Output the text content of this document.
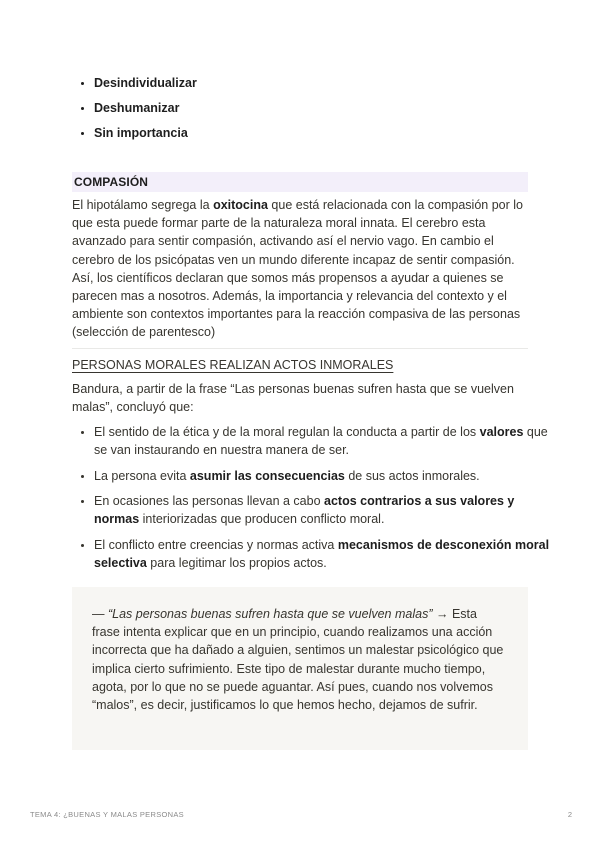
• Desindividualizar
• Deshumanizar
• Sin importancia
COMPASIÓN

El hipotálamo segrega la oxitocina que está relacionada con la compasión por lo que esta puede formar parte de la naturaleza moral innata. El cerebro esta avanzado para sentir compasión, activando así el nervio vago. En cambio el cerebro de los psicópatas ven un mundo diferente incapaz de sentir compasión. Así, los científicos declaran que somos más propensos a ayudar a quienes se parecen mas a nosotros. Además, la importancia y relevancia del contexto y el ambiente son contextos importantes para la reacción compasiva de las personas (selección de parentesco)

PERSONAS MORALES REALIZAN ACTOS INMORALES

Bandura, a partir de la frase “Las personas buenas sufren hasta que se vuelven malas”, concluyó que:

• El sentido de la ética y de la moral regulan la conducta a partir de los valores que se van instaurando en nuestra manera de ser.
• La persona evita asumir las consecuencias de sus actos inmorales.
• En ocasiones las personas llevan a cabo actos contrarios a sus valores y normas interiorizadas que producen conflicto moral.
• El conflicto entre creencias y normas activa mecanismos de desconexión moral selectiva para legitimar los propios actos.
— “Las personas buenas sufren hasta que se vuelven malas” → Esta frase intenta explicar que en un principio, cuando realizamos una acción incorrecta que ha dañado a alguien, sentimos un malestar psicológico que implica cierto sufrimiento. Este tipo de malestar durante mucho tiempo, agota, por lo que no se puede aguantar. Así pues, cuando nos volvemos “malos”, es decir, justificamos lo que hemos hecho, dejamos de sufrir.
TEMA 4: ¿BUENAS Y MALAS PERSONAS	2
